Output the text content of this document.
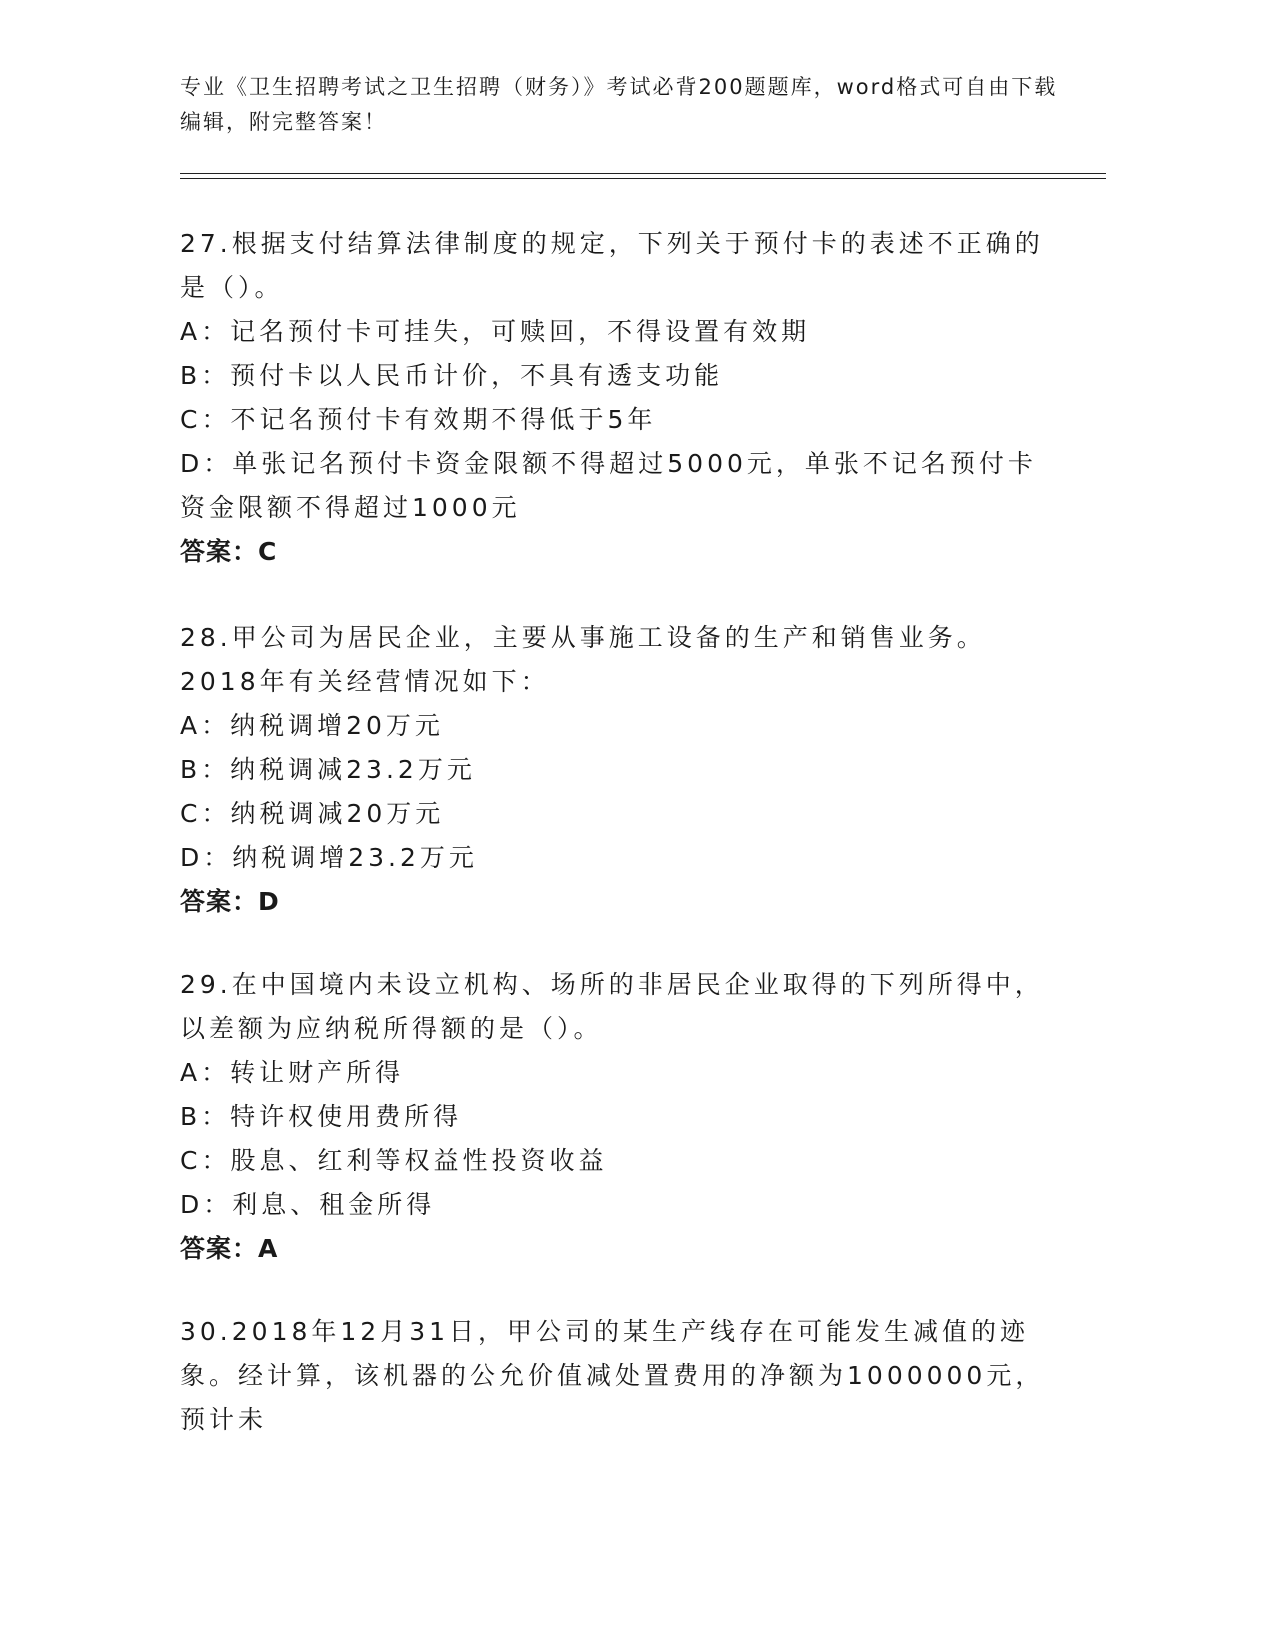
专业《卫生招聘考试之卫生招聘（财务）》考试必背200题题库，word格式可自由下载编辑，附完整答案！

27.根据支付结算法律制度的规定，下列关于预付卡的表述不正确的是（）。

A：记名预付卡可挂失，可赎回，不得设置有效期

B：预付卡以人民币计价，不具有透支功能

C：不记名预付卡有效期不得低于5年

D：单张记名预付卡资金限额不得超过5000元，单张不记名预付卡资金限额不得超过1000元

答案：C

28.甲公司为居民企业，主要从事施工设备的生产和销售业务。2018年有关经营情况如下：

A：纳税调增20万元

B：纳税调减23.2万元

C：纳税调减20万元

D：纳税调增23.2万元

答案：D

29.在中国境内未设立机构、场所的非居民企业取得的下列所得中，以差额为应纳税所得额的是（）。

A：转让财产所得

B：特许权使用费所得

C：股息、红利等权益性投资收益

D：利息、租金所得

答案：A

30.2018年12月31日，甲公司的某生产线存在可能发生减值的迹象。经计算，该机器的公允价值减处置费用的净额为1000000元，预计未
